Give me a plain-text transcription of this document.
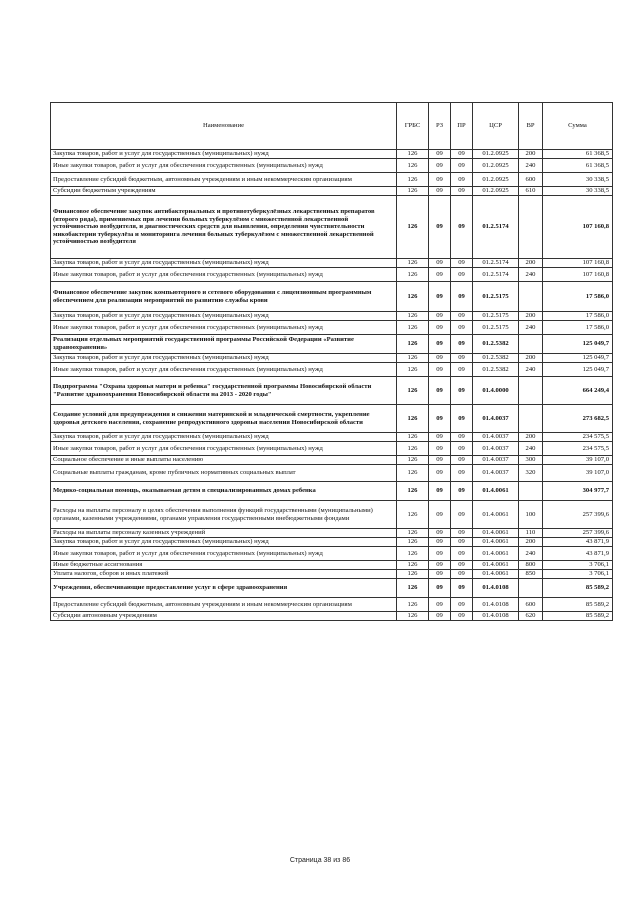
Наименование	ГРБС	РЗ	ПР	ЦСР	ВР	Сумма
Закупка товаров, работ и услуг для государственных (муниципальных) нужд	126	09	09	01.2.0925	200	61 368,5
Иные закупки товаров, работ и услуг для обеспечения государственных (муниципальных) нужд	126	09	09	01.2.0925	240	61 368,5
Предоставление субсидий бюджетным, автономным учреждениям и иным некоммерческим организациям	126	09	09	01.2.0925	600	30 338,5
Субсидии бюджетным учреждениям	126	09	09	01.2.0925	610	30 338,5
Финансовое обеспечение закупок антибактериальных и противотуберкулёзных лекарственных препаратов (второго ряда), применяемых при лечении больных туберкулёзом с множественной лекарственной устойчивостью возбудителя, и диагностических средств для выявления, определения чувствительности микобактерии туберкулёза и мониторинга лечения больных туберкулёзом с множественной лекарственной устойчивостью возбудителя	126	09	09	01.2.5174		107 160,8
Закупка товаров, работ и услуг для государственных (муниципальных) нужд	126	09	09	01.2.5174	200	107 160,8
Иные закупки товаров, работ и услуг для обеспечения государственных (муниципальных) нужд	126	09	09	01.2.5174	240	107 160,8
Финансовое обеспечение закупок компьютерного и сетевого оборудования с лицензионным программным обеспечением для реализации мероприятий по развитию службы крови	126	09	09	01.2.5175		17 586,0
Закупка товаров, работ и услуг для государственных (муниципальных) нужд	126	09	09	01.2.5175	200	17 586,0
Иные закупки товаров, работ и услуг для обеспечения государственных (муниципальных) нужд	126	09	09	01.2.5175	240	17 586,0
Реализация отдельных мероприятий государственной программы Российской Федерации «Развитие здравоохранения»	126	09	09	01.2.5382		125 049,7
Закупка товаров, работ и услуг для государственных (муниципальных) нужд	126	09	09	01.2.5382	200	125 049,7
Иные закупки товаров, работ и услуг для обеспечения государственных (муниципальных) нужд	126	09	09	01.2.5382	240	125 049,7
Подпрограмма "Охрана здоровья матери и ребенка" государственной программы Новосибирской области "Развитие здравоохранения Новосибирской области на 2013 - 2020 годы"	126	09	09	01.4.0000		664 249,4
Создание условий для предупреждения и снижения материнской и младенческой смертности, укрепление здоровья детского населения, сохранение репродуктивного здоровья населения Новосибирской области	126	09	09	01.4.0037		273 682,5
Закупка товаров, работ и услуг для государственных (муниципальных) нужд	126	09	09	01.4.0037	200	234 575,5
Иные закупки товаров, работ и услуг для обеспечения государственных (муниципальных) нужд	126	09	09	01.4.0037	240	234 575,5
Социальное обеспечение и иные выплаты населению	126	09	09	01.4.0037	300	39 107,0
Социальные выплаты гражданам, кроме публичных нормативных социальных выплат	126	09	09	01.4.0037	320	39 107,0
Медико-социальная помощь, оказываемая детям в специализированных домах ребенка	126	09	09	01.4.0061		304 977,7
Расходы на выплаты персоналу в целях обеспечения выполнения функций государственными (муниципальными) органами, казенными учреждениями, органами управления государственными внебюджетными фондами	126	09	09	01.4.0061	100	257 399,6
Расходы на выплаты персоналу казенных учреждений	126	09	09	01.4.0061	110	257 399,6
Закупка товаров, работ и услуг для государственных (муниципальных) нужд	126	09	09	01.4.0061	200	43 871,9
Иные закупки товаров, работ и услуг для обеспечения государственных (муниципальных) нужд	126	09	09	01.4.0061	240	43 871,9
Иные бюджетные ассигнования	126	09	09	01.4.0061	800	3 706,1
Уплата налогов, сборов и иных платежей	126	09	09	01.4.0061	850	3 706,1
Учреждения, обеспечивающие предоставление услуг в сфере здравоохранения	126	09	09	01.4.0108		85 589,2
Предоставление субсидий бюджетным, автономным учреждениям и иным некоммерческим организациям	126	09	09	01.4.0108	600	85 589,2
Субсидии автономным учреждениям	126	09	09	01.4.0108	620	85 589,2
Страница 38 из 86
